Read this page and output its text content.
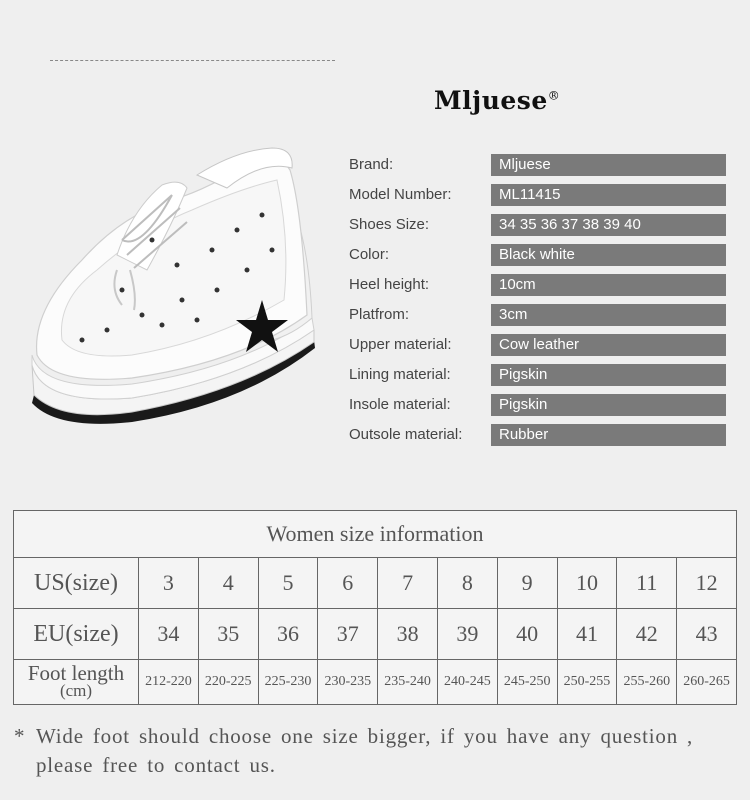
Mljuese®
Brand:	Mljuese
Model Number:	ML11415
Shoes Size:	34 35 36 37 38 39 40
Color:	Black white
Heel height:	10cm
Platfrom:	3cm
Upper material:	Cow leather
Lining material:	Pigskin
Insole material:	Pigskin
Outsole material:	Rubber
Women size information										
US(size)	3	4	5	6	7	8	9	10	11	12
EU(size)	34	35	36	37	38	39	40	41	42	43
Foot length
(cm)	212-220	220-225	225-230	230-235	235-240	240-245	245-250	250-255	255-260	260-265
* Wide foot should choose one size bigger, if you have any question ,
please free to contact us.
